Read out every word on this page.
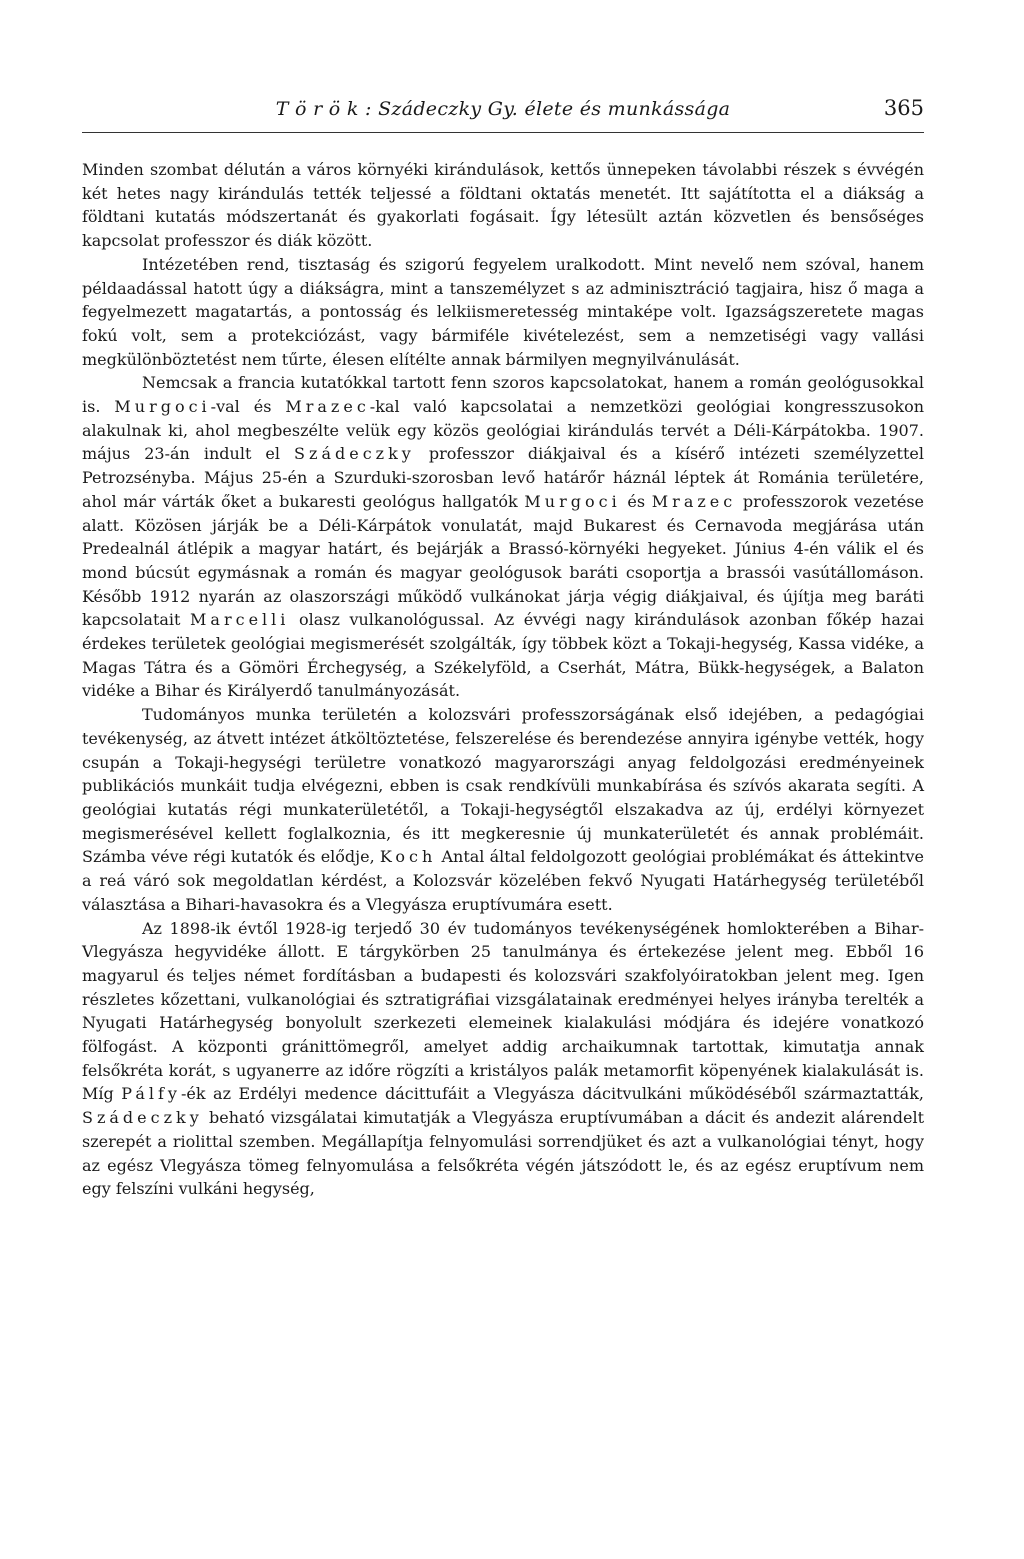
T ö r ö k : Szádeczky Gy. élete és munkássága	365

Minden szombat délután a város környéki kirándulások, kettős ünnepeken távolabbi részek s évvégén két hetes nagy kirándulás tették teljessé a földtani oktatás menetét. Itt sajátította el a diákság a földtani kutatás módszertanát és gyakorlati fogásait. Így létesült aztán közvetlen és bensőséges kapcsolat professzor és diák között.

Intézetében rend, tisztaság és szigorú fegyelem uralkodott. Mint nevelő nem szóval, hanem példaadással hatott úgy a diákságra, mint a tanszemélyzet s az adminisztráció tagjaira, hisz ő maga a fegyelmezett magatartás, a pontosság és lelkiismeretesség mintaképe volt. Igazságszeretete magas fokú volt, sem a protekciózást, vagy bármiféle kivételezést, sem a nemzetiségi vagy vallási megkülönböztetést nem tűrte, élesen elítélte annak bármilyen megnyilvánulását.

Nemcsak a francia kutatókkal tartott fenn szoros kapcsolatokat, hanem a román geológusokkal is. Murgoci-val és Mrazec-kal való kapcsolatai a nemzetközi geológiai kongresszusokon alakulnak ki, ahol megbeszélte velük egy közös geológiai kirándulás tervét a Déli-Kárpátokba. 1907. május 23-án indult el Szádeczky professzor diákjaival és a kísérő intézeti személyzettel Petrozsényba. Május 25-én a Szurduki-szorosban levő határőr háznál léptek át Románia területére, ahol már várták őket a bukaresti geológus hallgatók Murgoci és Mrazec professzorok vezetése alatt. Közösen járják be a Déli-Kárpátok vonulatát, majd Bukarest és Cernavoda megjárása után Predealnál átlépik a magyar határt, és bejárják a Brassó-környéki hegyeket. Június 4-én válik el és mond búcsút egymásnak a román és magyar geológusok baráti csoportja a brassói vasútállomáson. Később 1912 nyarán az olaszországi működő vulkánokat járja végig diákjaival, és újítja meg baráti kapcsolatait Marcelli olasz vulkanológussal. Az évvégi nagy kirándulások azonban főkép hazai érdekes területek geológiai megismerését szolgálták, így többek közt a Tokaji-hegység, Kassa vidéke, a Magas Tátra és a Gömöri Érchegység, a Székelyföld, a Cserhát, Mátra, Bükk-hegységek, a Balaton vidéke a Bihar és Királyerdő tanulmányozását.

Tudományos munka területén a kolozsvári professzorságának első idejében, a pedagógiai tevékenység, az átvett intézet átköltöztetése, felszerelése és berendezése annyira igénybe vették, hogy csupán a Tokaji-hegységi területre vonatkozó magyarországi anyag feldolgozási eredményeinek publikációs munkáit tudja elvégezni, ebben is csak rendkívüli munkabírása és szívós akarata segíti. A geológiai kutatás régi munkaterületétől, a Tokaji-hegységtől elszakadva az új, erdélyi környezet megismerésével kellett foglalkoznia, és itt megkeresnie új munkaterületét és annak problémáit. Számba véve régi kutatók és elődje, Koch Antal által feldolgozott geológiai problémákat és áttekintve a reá váró sok megoldatlan kérdést, a Kolozsvár közelében fekvő Nyugati Határhegység területéből választása a Bihari-havasokra és a Vlegyásza eruptívumára esett.

Az 1898-ik évtől 1928-ig terjedő 30 év tudományos tevékenységének homlokterében a Bihar-Vlegyásza hegyvidéke állott. E tárgykörben 25 tanulmánya és értekezése jelent meg. Ebből 16 magyarul és teljes német fordításban a budapesti és kolozsvári szakfolyóiratokban jelent meg. Igen részletes kőzettani, vulkanológiai és sztratigráfiai vizsgálatainak eredményei helyes irányba terelték a Nyugati Határhegység bonyolult szerkezeti elemeinek kialakulási módjára és idejére vonatkozó fölfogást. A központi gránittömegről, amelyet addig archaikumnak tartottak, kimutatja annak felsőkréta korát, s ugyanerre az időre rögzíti a kristályos palák metamorfit köpenyének kialakulását is. Míg Pálfy-ék az Erdélyi medence dácittufáit a Vlegyásza dácitvulkáni működéséből származtatták, Szádeczky beható vizsgálatai kimutatják a Vlegyásza eruptívumában a dácit és andezit alárendelt szerepét a riolittal szemben. Megállapítja felnyomulási sorrendjüket és azt a vulkanológiai tényt, hogy az egész Vlegyásza tömeg felnyomulása a felsőkréta végén játszódott le, és az egész eruptívum nem egy felszíni vulkáni hegység,
